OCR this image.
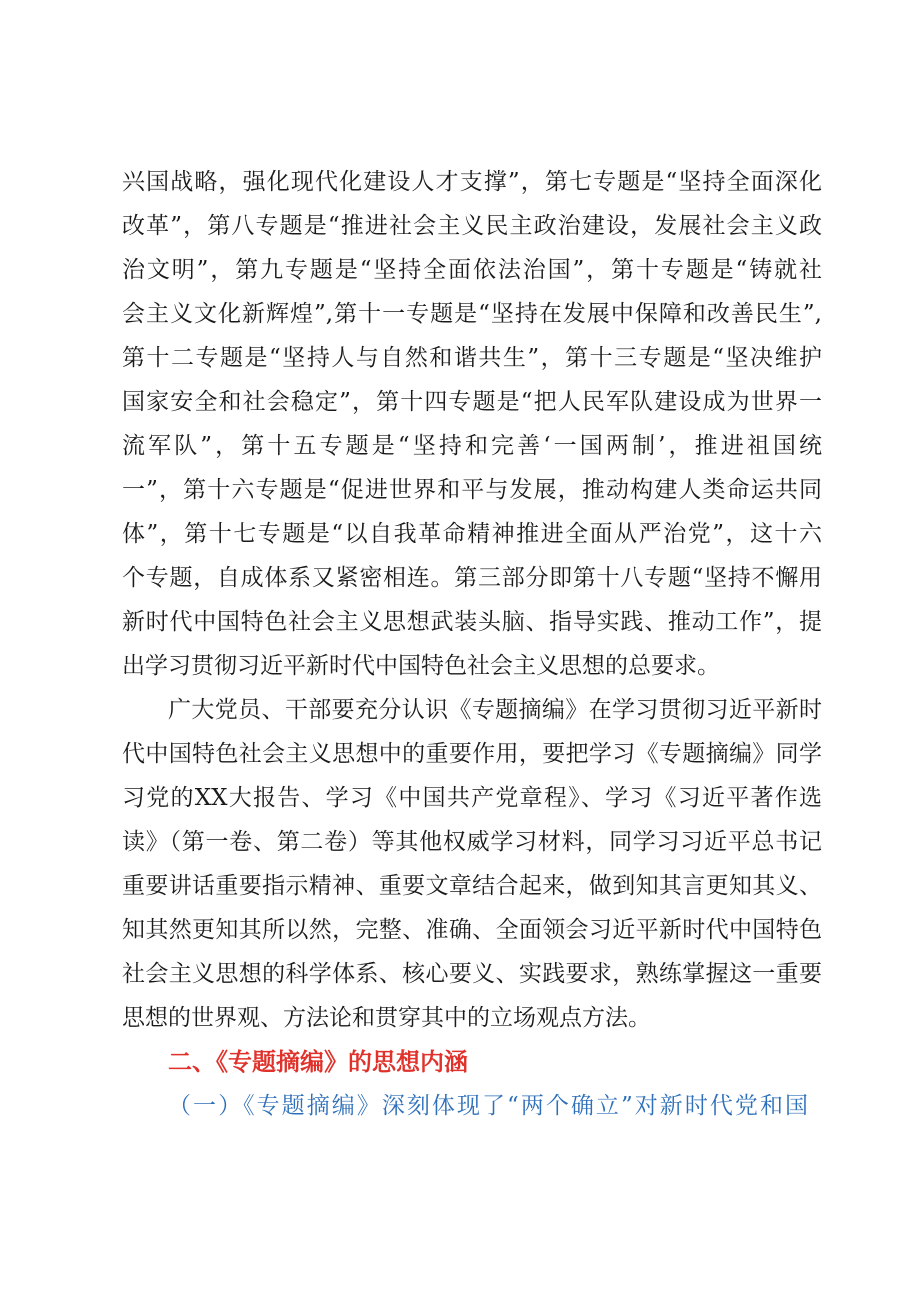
兴国战略，强化现代化建设人才支撑”，第七专题是“坚持全面深化
改革”，第八专题是“推进社会主义民主政治建设，发展社会主义政
治文明”，第九专题是“坚持全面依法治国”，第十专题是“铸就社
会主义文化新辉煌”,第十一专题是“坚持在发展中保障和改善民生”,
第十二专题是“坚持人与自然和谐共生”，第十三专题是“坚决维护
国家安全和社会稳定”，第十四专题是“把人民军队建设成为世界一
流军队”，第十五专题是“坚持和完善‘一国两制’，推进祖国统
一”，第十六专题是“促进世界和平与发展，推动构建人类命运共同
体”，第十七专题是“以自我革命精神推进全面从严治党”，这十六
个专题，自成体系又紧密相连。第三部分即第十八专题“坚持不懈用
新时代中国特色社会主义思想武装头脑、指导实践、推动工作”，提
出学习贯彻习近平新时代中国特色社会主义思想的总要求。
广大党员、干部要充分认识《专题摘编》在学习贯彻习近平新时
代中国特色社会主义思想中的重要作用，要把学习《专题摘编》同学
习党的XX大报告、学习《中国共产党章程》、学习《习近平著作选
读》（第一卷、第二卷）等其他权威学习材料，同学习习近平总书记
重要讲话重要指示精神、重要文章结合起来，做到知其言更知其义、
知其然更知其所以然，完整、准确、全面领会习近平新时代中国特色
社会主义思想的科学体系、核心要义、实践要求，熟练掌握这一重要
思想的世界观、方法论和贯穿其中的立场观点方法。
二、《专题摘编》的思想内涵
（一）《专题摘编》深刻体现了“两个确立”对新时代党和国
